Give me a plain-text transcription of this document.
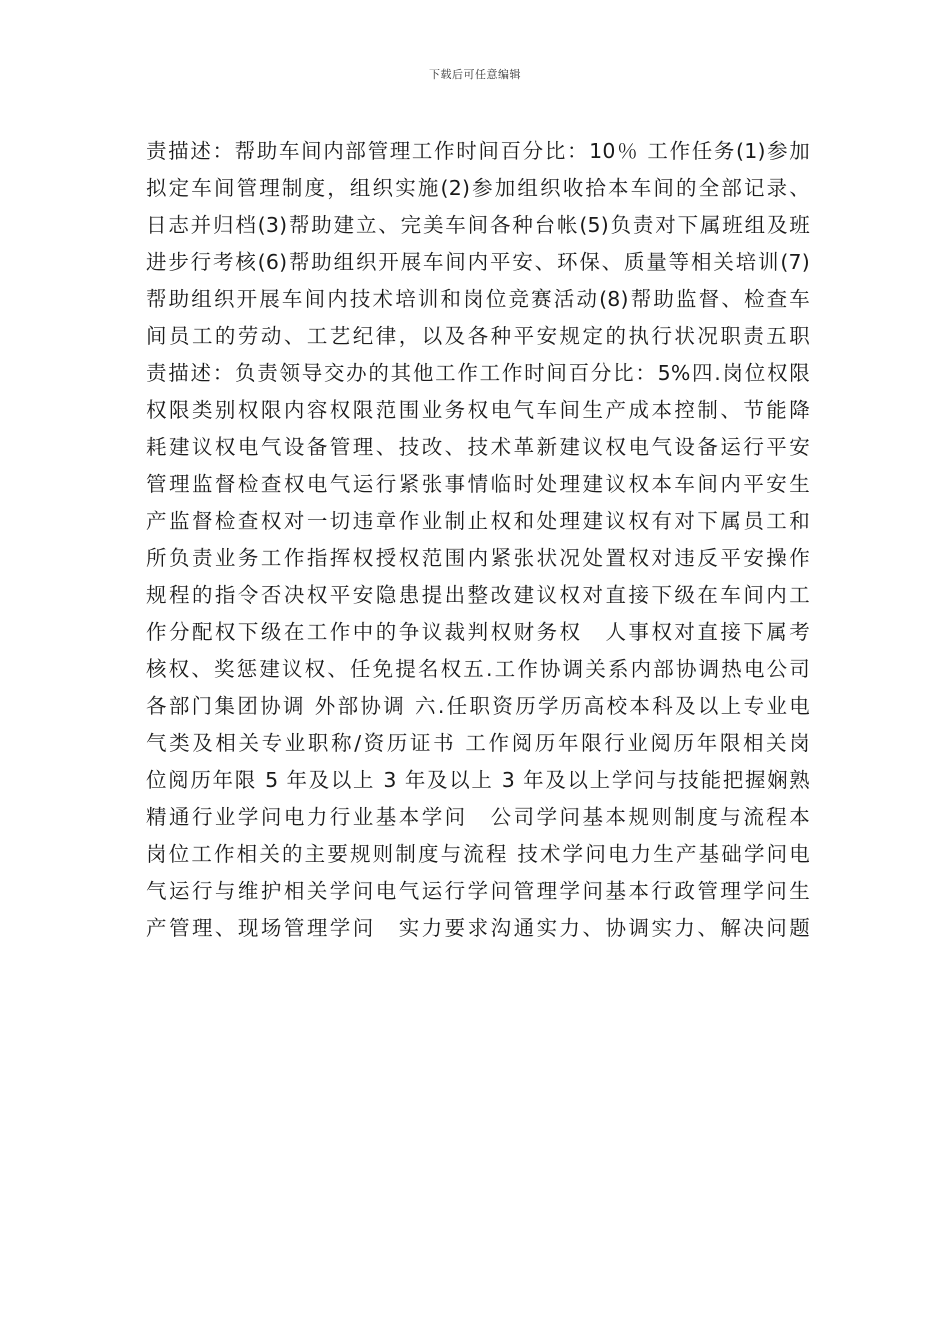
下载后可任意编辑
责描述：帮助车间内部管理工作时间百分比：10％ 工作任务(1)参加
拟定车间管理制度，组织实施(2)参加组织收拾本车间的全部记录、
日志并归档(3)帮助建立、完美车间各种台帐(5)负责对下属班组及班
进步行考核(6)帮助组织开展车间内平安、环保、质量等相关培训(7)
帮助组织开展车间内技术培训和岗位竞赛活动(8)帮助监督、检查车
间员工的劳动、工艺纪律，以及各种平安规定的执行状况职责五职
责描述：负责领导交办的其他工作工作时间百分比：5%四.岗位权限
权限类别权限内容权限范围业务权电气车间生产成本控制、节能降
耗建议权电气设备管理、技改、技术革新建议权电气设备运行平安
管理监督检查权电气运行紧张事情临时处理建议权本车间内平安生
产监督检查权对一切违章作业制止权和处理建议权有对下属员工和
所负责业务工作指挥权授权范围内紧张状况处置权对违反平安操作
规程的指令否决权平安隐患提出整改建议权对直接下级在车间内工
作分配权下级在工作中的争议裁判权财务权　人事权对直接下属考
核权、奖惩建议权、任免提名权五.工作协调关系内部协调热电公司
各部门集团协调 外部协调 六.任职资历学历高校本科及以上专业电
气类及相关专业职称/资历证书 工作阅历年限行业阅历年限相关岗
位阅历年限 5 年及以上 3 年及以上 3 年及以上学问与技能把握娴熟
精通行业学问电力行业基本学问　公司学问基本规则制度与流程本
岗位工作相关的主要规则制度与流程 技术学问电力生产基础学问电
气运行与维护相关学问电气运行学问管理学问基本行政管理学问生
产管理、现场管理学问　实力要求沟通实力、协调实力、解决问题
